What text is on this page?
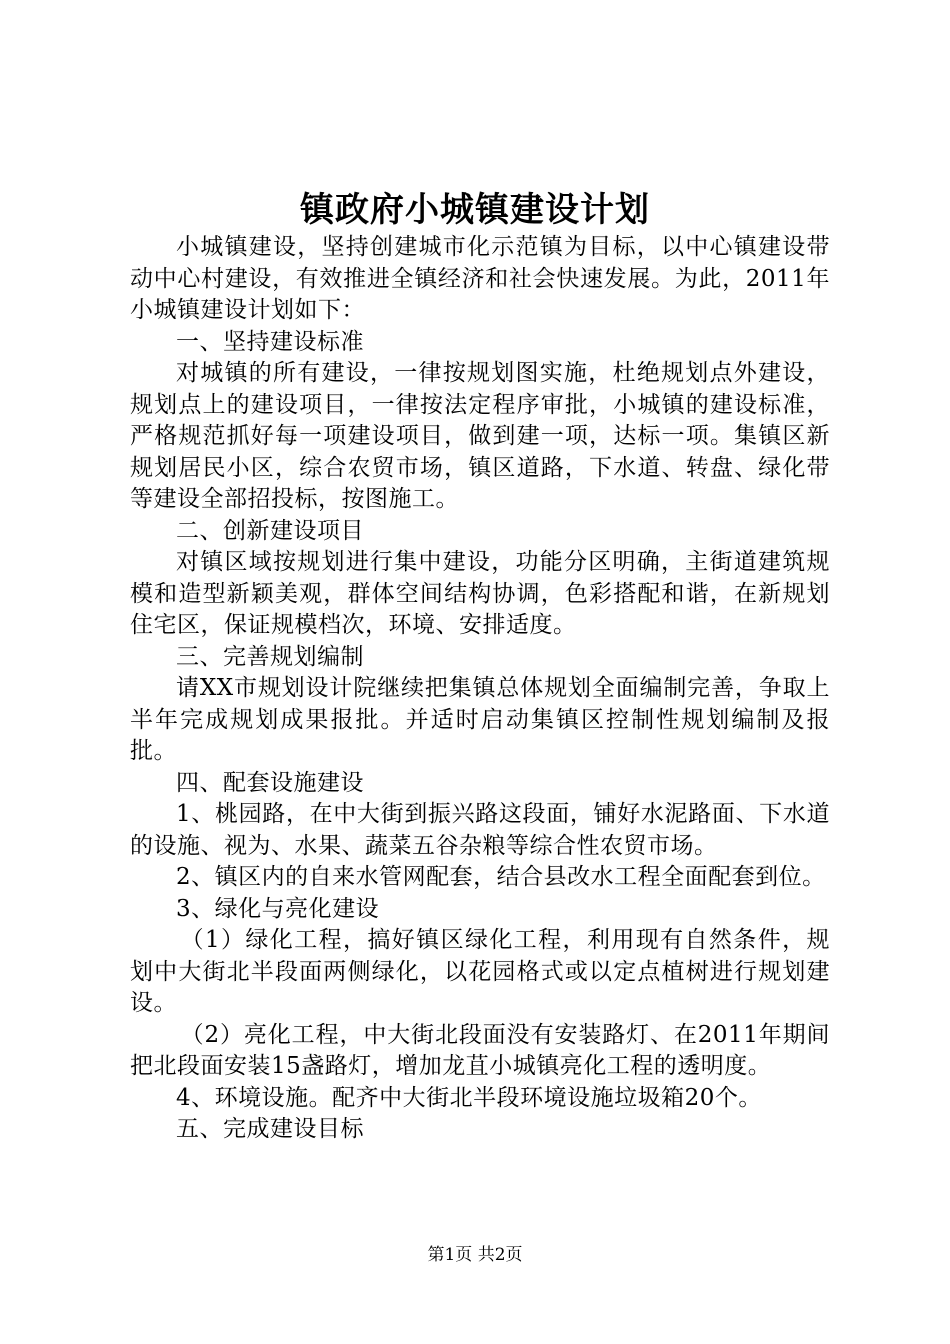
镇政府小城镇建设计划

小城镇建设，坚持创建城市化示范镇为目标，以中心镇建设带动中心村建设，有效推进全镇经济和社会快速发展。为此，2011年小城镇建设计划如下：

一、坚持建设标准

对城镇的所有建设，一律按规划图实施，杜绝规划点外建设，规划点上的建设项目，一律按法定程序审批，小城镇的建设标准，严格规范抓好每一项建设项目，做到建一项，达标一项。集镇区新规划居民小区，综合农贸市场，镇区道路，下水道、转盘、绿化带等建设全部招投标，按图施工。

二、创新建设项目

对镇区域按规划进行集中建设，功能分区明确，主街道建筑规模和造型新颖美观，群体空间结构协调，色彩搭配和谐，在新规划住宅区，保证规模档次，环境、安排适度。

三、完善规划编制

请XX市规划设计院继续把集镇总体规划全面编制完善，争取上半年完成规划成果报批。并适时启动集镇区控制性规划编制及报批。

四、配套设施建设

1、桃园路，在中大街到振兴路这段面，铺好水泥路面、下水道的设施、视为、水果、蔬菜五谷杂粮等综合性农贸市场。

2、镇区内的自来水管网配套，结合县改水工程全面配套到位。

3、绿化与亮化建设

（1）绿化工程，搞好镇区绿化工程，利用现有自然条件，规划中大街北半段面两侧绿化，以花园格式或以定点植树进行规划建设。

（2）亮化工程，中大街北段面没有安装路灯、在2011年期间把北段面安装15盏路灯，增加龙苴小城镇亮化工程的透明度。

4、环境设施。配齐中大街北半段环境设施垃圾箱20个。

五、完成建设目标

第1页 共2页
